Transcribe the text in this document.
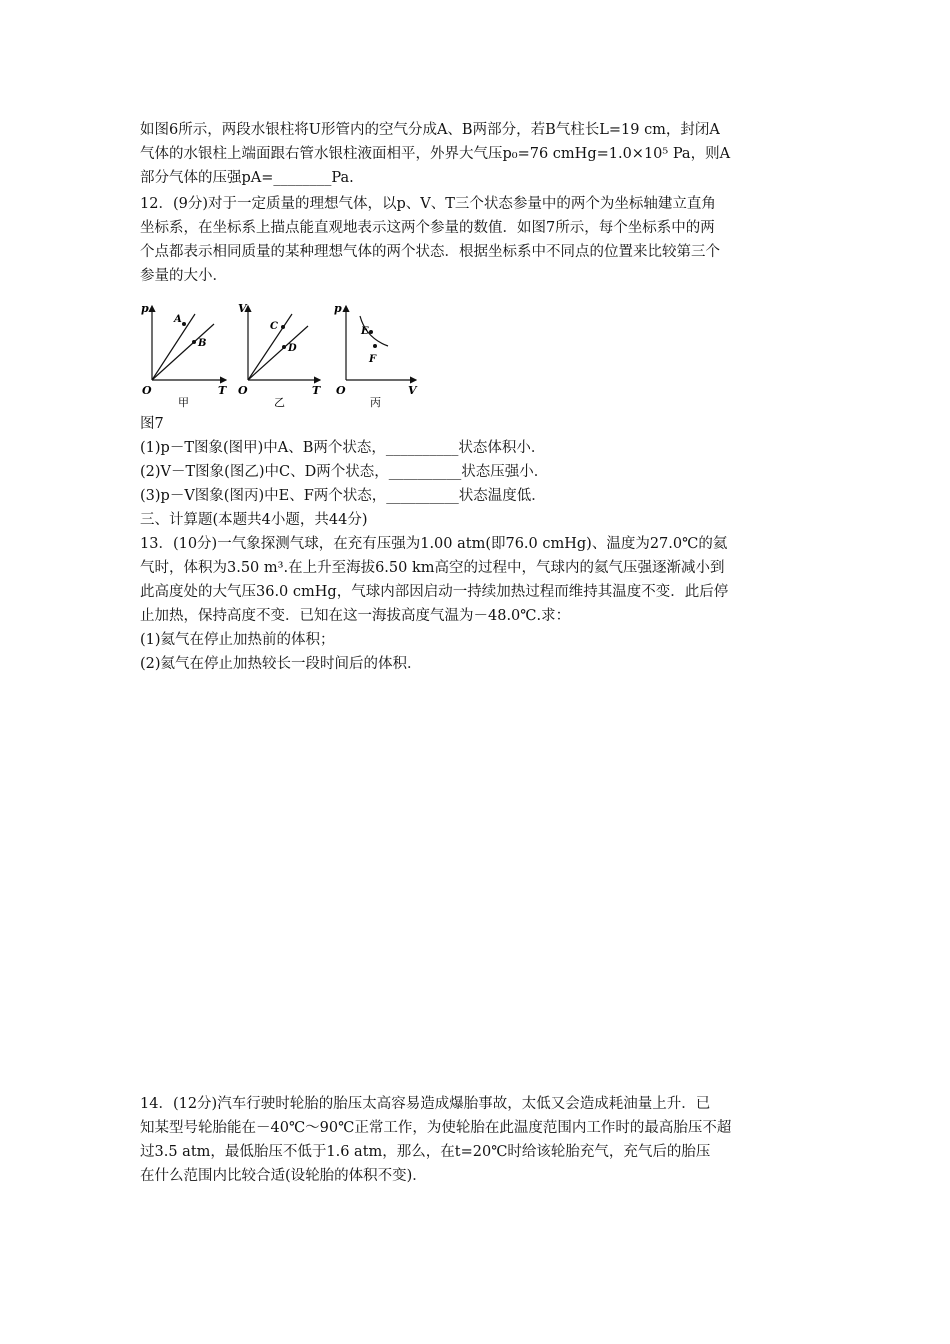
如图6所示，两段水银柱将U形管内的空气分成A、B两部分，若B气柱长L=19 cm，封闭A
气体的水银柱上端面跟右管水银柱液面相平，外界大气压p₀=76 cmHg=1.0×10⁵ Pa，则A
部分气体的压强pA=________Pa.
12．(9分)对于一定质量的理想气体，以p、V、T三个状态参量中的两个为坐标轴建立直角
坐标系，在坐标系上描点能直观地表示这两个参量的数值．如图7所示，每个坐标系中的两
个点都表示相同质量的某种理想气体的两个状态．根据坐标系中不同点的位置来比较第三个
参量的大小．
p
T
O
A
B
甲
V
T
O
C
D
乙
p
V
O
E
F
丙
图7
(1)p－T图象(图甲)中A、B两个状态，__________状态体积小．
(2)V－T图象(图乙)中C、D两个状态，__________状态压强小．
(3)p－V图象(图丙)中E、F两个状态，__________状态温度低．
三、计算题(本题共4小题，共44分)
13．(10分)一气象探测气球，在充有压强为1.00 atm(即76.0 cmHg)、温度为27.0℃的氦
气时，体积为3.50 m³.在上升至海拔6.50 km高空的过程中，气球内的氦气压强逐渐减小到
此高度处的大气压36.0 cmHg，气球内部因启动一持续加热过程而维持其温度不变．此后停
止加热，保持高度不变．已知在这一海拔高度气温为－48.0℃.求：
(1)氦气在停止加热前的体积；
(2)氦气在停止加热较长一段时间后的体积．
14．(12分)汽车行驶时轮胎的胎压太高容易造成爆胎事故，太低又会造成耗油量上升．已
知某型号轮胎能在－40℃～90℃正常工作，为使轮胎在此温度范围内工作时的最高胎压不超
过3.5 atm，最低胎压不低于1.6 atm，那么，在t=20℃时给该轮胎充气，充气后的胎压
在什么范围内比较合适(设轮胎的体积不变)．
